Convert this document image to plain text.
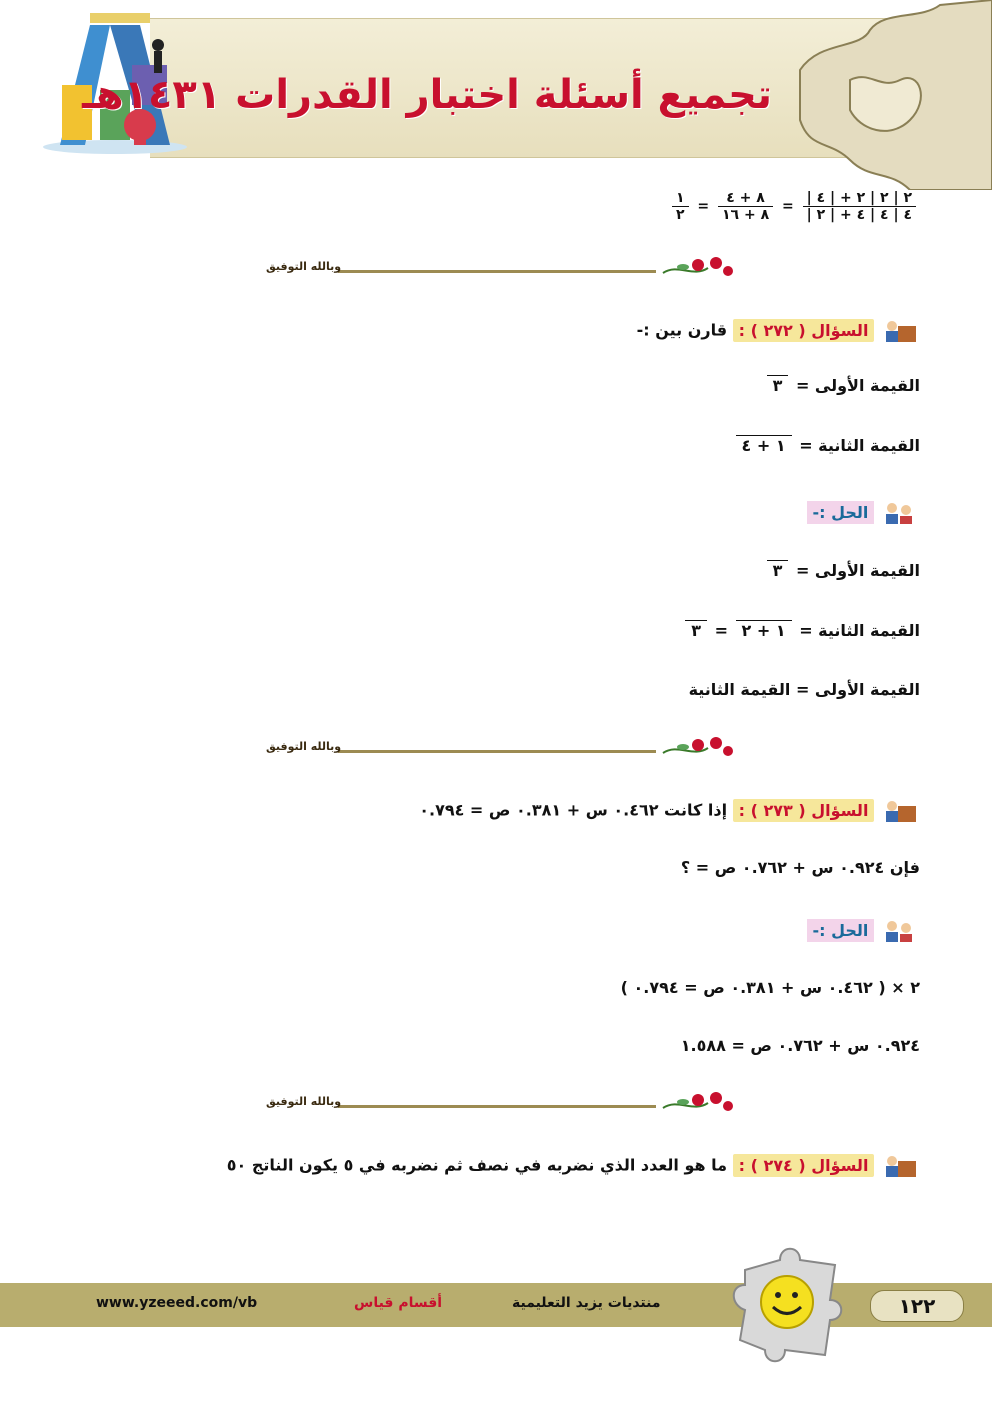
تجميع أسئلة اختبار القدرات ١٤٣١هـ
$\frac{٢ | ٢ | ٢ + | ٤ |}{٤ | ٤ | ٤ + | ٢ |}$
=
$\frac{٨ + ٤}{٨ + ١٦}$
=
$\frac{١}{٢}$
وبالله التوفيق
السؤال ( ٢٧٢ ) : قارن بين :-
القيمة الأولى = ٣
القيمة الثانية = ١ + ٤
الحل :-
القيمة الأولى = ٣
القيمة الثانية = ١ + ٢ = ٣
القيمة الأولى = القيمة الثانية
وبالله التوفيق
السؤال ( ٢٧٣ ) : إذا كانت ٠.٤٦٢ س + ٠.٣٨١ ص = ٠.٧٩٤
فإن ٠.٩٢٤ س + ٠.٧٦٢ ص = ؟
الحل :-
٢ × ( ٠.٤٦٢ س + ٠.٣٨١ ص = ٠.٧٩٤ )
٠.٩٢٤ س + ٠.٧٦٢ ص = ١.٥٨٨
وبالله التوفيق
السؤال ( ٢٧٤ ) : ما هو العدد الذي نضربه في نصف ثم نضربه في ٥ يكون الناتج ٥٠
www.yzeeed.com/vb	أقسام قياس	منتديات يزيد التعليمية	١٢٢
